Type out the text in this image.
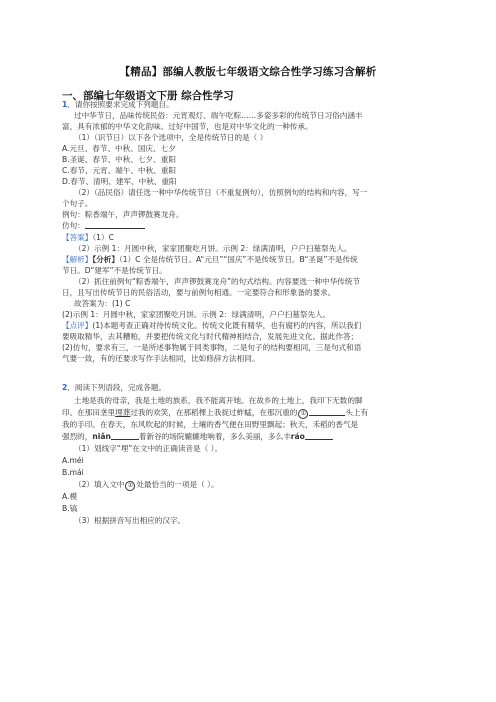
【精品】部编人教版七年级语文综合性学习练习含解析
一、部编七年级语文下册 综合性学习
1．请你按照要求完成下列题目。
过中华节日，品味传统民俗：元宵观灯、端午吃粽……多姿多彩的传统节日习俗内涵丰
富，具有浓郁的中华文化韵味。过好中国节，也是对中华文化的一种传承。
（1）（识节日）以下各个选项中，全是传统节日的是（ ）
A.元旦、春节、中秋、国庆、七夕
B.圣诞、春节、中秋、七夕、重阳
C.春节、元宵、端午、中秋、重阳
D.春节、清明、建军、中秋、重阳
（2）（品民俗）请任选一种中华传统节日（不重复例句），仿照例句的结构和内容，写一
个句子。
例句：粽香端午，声声锣鼓赛龙舟。
仿句：
【答案】（1）C
（2）示例 1：月圆中秋，家家团聚吃月饼。示例 2：绿满清明，户户扫墓祭先人。
【解析】【分析】（1）C 全是传统节日。A“元旦”“国庆”不是传统节日。B“圣诞”不是传统
节日。D“建军”不是传统节日。
（2）抓住前例句“粽香端午，声声锣鼓赛龙舟”的句式结构。内容要选一种中华传统节
日，且写出传统节日的民俗活动，要与前例句相通。一定要符合和形象备的要求。
故答案为：(1) C
(2)示例 1：月圆中秋，家家团聚吃月饼。示例 2：绿满清明，户户扫墓祭先人。
【点评】(1)本题考查正确对待传统文化。传统文化既有精华，也有腐朽的内容，所以我们
要吸取精华，去其糟粕，并要把传统文化与时代精神相结合，发展先进文化。据此作答；
(2)仿句，要求有三，一是所述事物属于同类事物，二是句子的结构要相同，三是句式和语
气要一致，有的还要求写作手法相同，比如修辞方法相同。
2．阅读下列语段，完成各题。
土地是我的母亲，我是土地的族系，我不能离开她。在故乡的土地上，我印下无数的脚
印。在那田垄里埋葬过我的欢笑，在那稻棵上我捉过蚱蜢，在那沉重的 ①	头上有
我的手印。在春天，东风吹起的时候，土壤的香气便在田野里飘起；秋天，禾稻的香气是
强烈的，niǎn	着新谷的场院辘辘地响着，多么美丽，多么丰ráo
（1）划线字“埋”在文中的正确读音是（ ）。
A.méi
B.mái
（2）填入文中 ① 处最恰当的一项是（ ）。
A.模
B.镐
（3）根据拼音写出相应的汉字。
